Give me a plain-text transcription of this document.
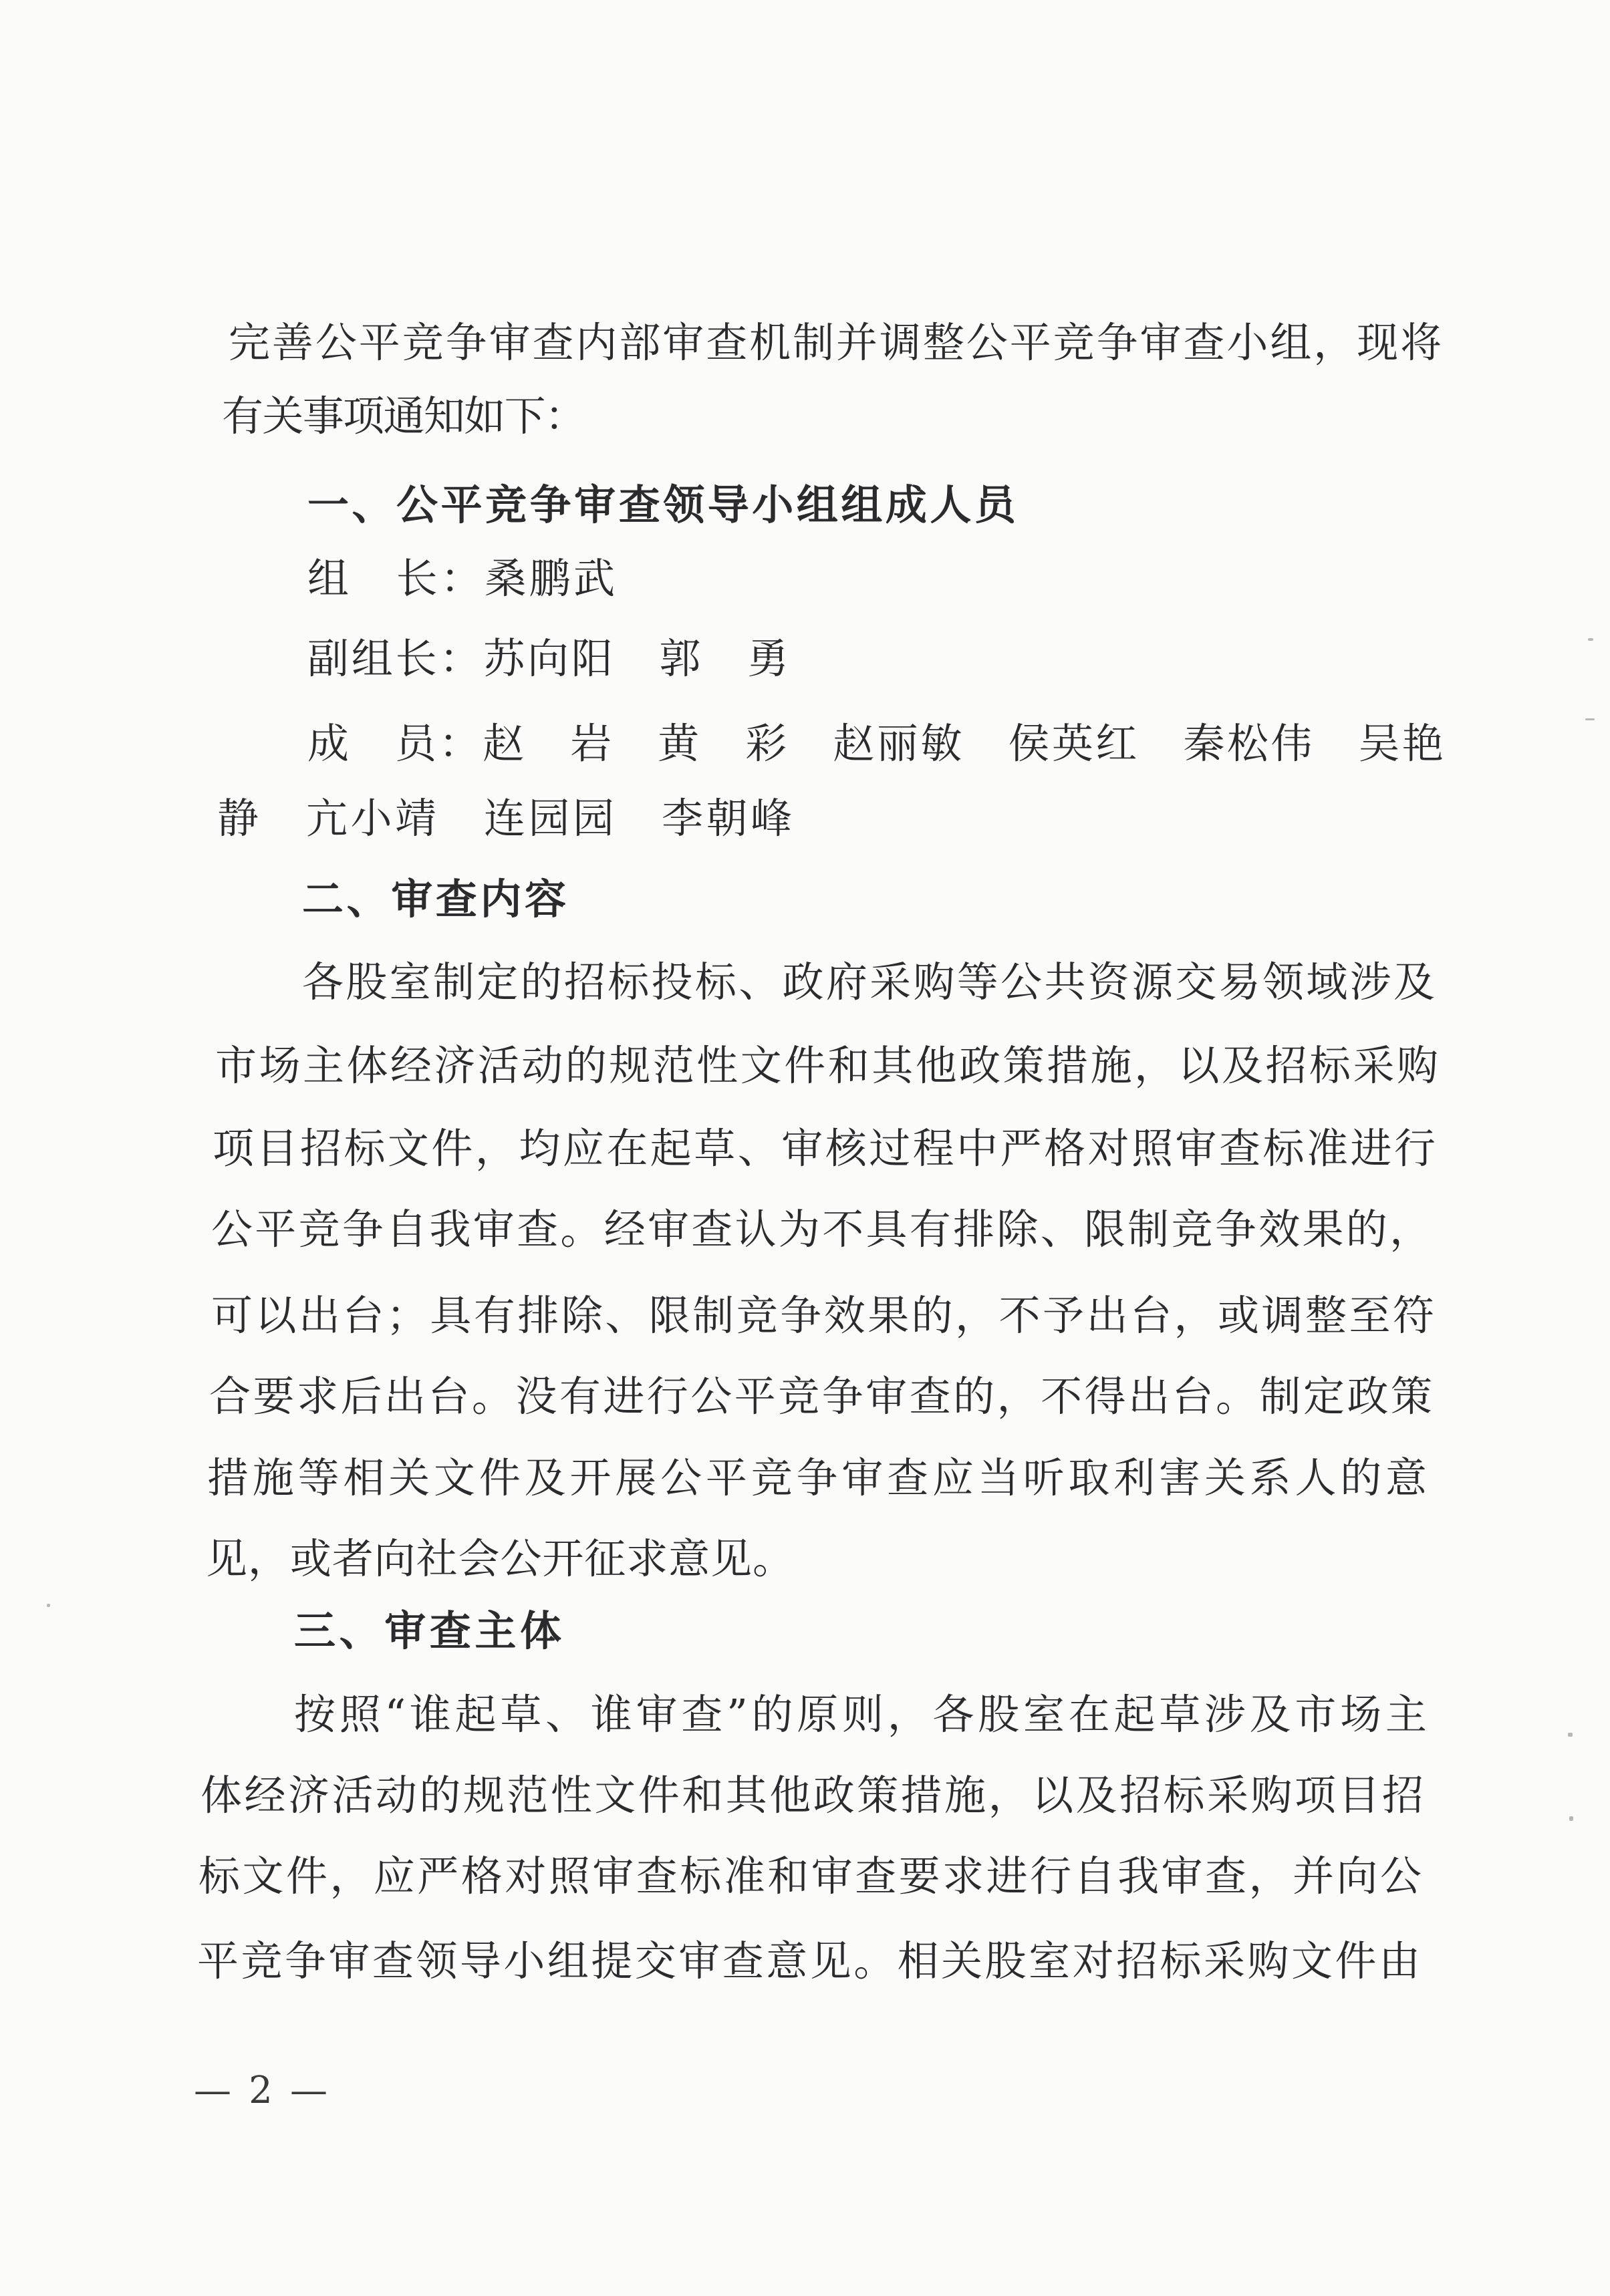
完善公平竞争审查内部审查机制并调整公平竞争审查小组，现将

有关事项通知如下：

一、公平竞争审查领导小组组成人员

组　长：桑鹏武

副组长：苏向阳　郭　勇

成　员：赵　岩　黄　彩　赵丽敏　侯英红　秦松伟　吴艳

静　亢小靖　连园园　李朝峰

二、审查内容

各股室制定的招标投标、政府采购等公共资源交易领域涉及

市场主体经济活动的规范性文件和其他政策措施，以及招标采购

项目招标文件，均应在起草、审核过程中严格对照审查标准进行

公平竞争自我审查。经审查认为不具有排除、限制竞争效果的，

可以出台；具有排除、限制竞争效果的，不予出台，或调整至符

合要求后出台。没有进行公平竞争审查的，不得出台。制定政策

措施等相关文件及开展公平竞争审查应当听取利害关系人的意

见，或者向社会公开征求意见。

三、审查主体

按照“谁起草、谁审查”的原则，各股室在起草涉及市场主

体经济活动的规范性文件和其他政策措施，以及招标采购项目招

标文件，应严格对照审查标准和审查要求进行自我审查，并向公

平竞争审查领导小组提交审查意见。相关股室对招标采购文件由

— 2 —
